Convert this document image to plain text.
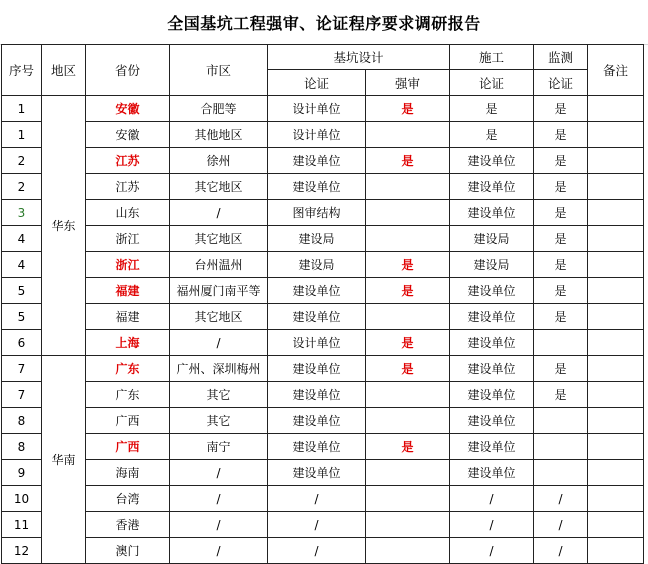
全国基坑工程强审、论证程序要求调研报告
序号	地区	省份	市区	基坑设计		施工	监测	备注
				论证	强审	论证	论证	
1	华东	安徽	合肥等	设计单位	是	是	是	
1		安徽	其他地区	设计单位		是	是	
2		江苏	徐州	建设单位	是	建设单位	是	
2		江苏	其它地区	建设单位		建设单位	是	
3		山东	/	图审结构		建设单位	是	
4		浙江	其它地区	建设局		建设局	是	
4		浙江	台州温州	建设局	是	建设局	是	
5		福建	福州厦门南平等	建设单位	是	建设单位	是	
5		福建	其它地区	建设单位		建设单位	是	
6		上海	/	设计单位	是	建设单位		
7	华南	广东	广州、深圳梅州	建设单位	是	建设单位	是	
7		广东	其它	建设单位		建设单位	是	
8		广西	其它	建设单位		建设单位		
8		广西	南宁	建设单位	是	建设单位		
9		海南	/	建设单位		建设单位		
10		台湾	/	/		/	/	
11		香港	/	/		/	/	
12		澳门	/	/		/	/	
